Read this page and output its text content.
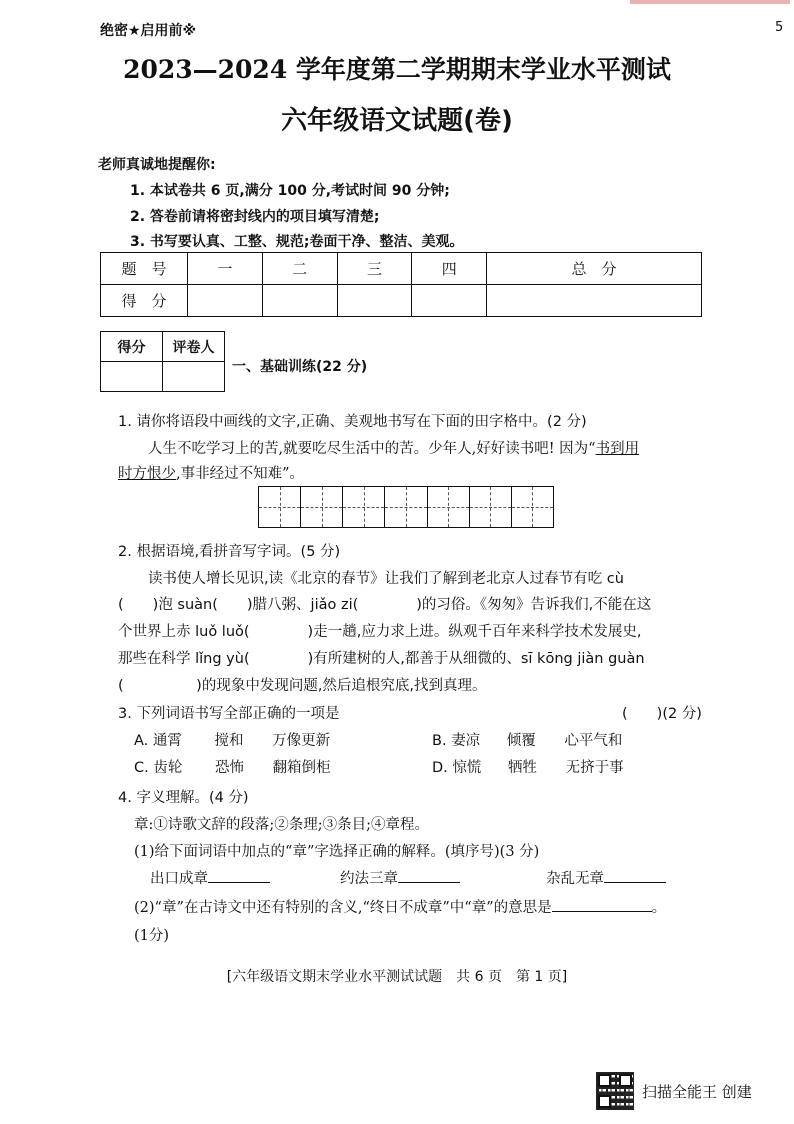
5
绝密★启用前※
2023—2024 学年度第二学期期末学业水平测试
六年级语文试题(卷)
老师真诚地提醒你:
1. 本试卷共 6 页,满分 100 分,考试时间 90 分钟;
2. 答卷前请将密封线内的项目填写清楚;
3. 书写要认真、工整、规范;卷面干净、整洁、美观。
题　号	一	二	三	四	总　分
得　分					
得分	评卷人

一、基础训练(22 分)
1. 请你将语段中画线的文字,正确、美观地书写在下面的田字格中。(2 分)
人生不吃学习上的苦,就要吃尽生活中的苦。少年人,好好读书吧! 因为“书到用
时方恨少,事非经过不知难”。
2. 根据语境,看拼音写字词。(5 分)
读书使人增长见识,读《北京的春节》让我们了解到老北京人过春节有吃 cù
(　　)泡 suàn(　　)腊八粥、jiǎo zi(　　　　)的习俗。《匆匆》告诉我们,不能在这
个世界上赤 luǒ luǒ(　　　　)走一趟,应力求上进。纵观千百年来科学技术发展史,
那些在科学 lǐng yù(　　　　)有所建树的人,都善于从细微的、sī kōng jiàn guàn
(　　　　　)的现象中发现问题,然后追根究底,找到真理。
3. 下列词语书写全部正确的一项是	(　　)(2 分)
A. 通霄 搅和 万像更新	B. 妻凉 倾覆 心平气和
C. 齿轮 恐怖 翻箱倒柜	D. 惊慌 牺牲 无挤于事
4. 字义理解。(4 分)
章:①诗歌文辞的段落;②条理;③条目;④章程。
(1)给下面词语中加点的“章”字选择正确的解释。(填序号)(3 分)
出口成章	约法三章	杂乱无章
(2)“章”在古诗文中还有特别的含义,“终日不成章”中“章”的意思是	。
(1分)
[六年级语文期末学业水平测试试题　共 6 页　第 1 页]
扫描全能王 创建
